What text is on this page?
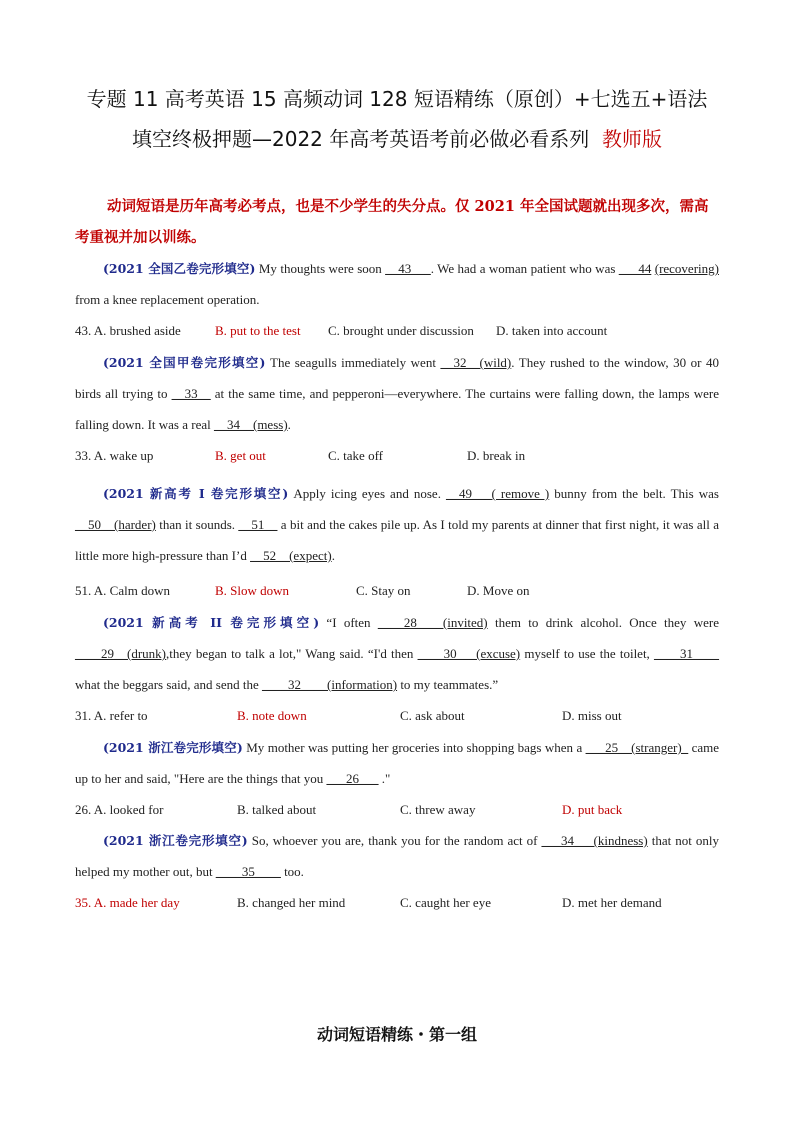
专题 11 高考英语 15 高频动词 128 短语精练（原创）+七选五+语法
填空终极押题—2022 年高考英语考前必做必看系列 教师版
动词短语是历年高考必考点，也是不少学生的失分点。仅 2021 年全国试题就出现多次，需高考重视并加以训练。
(2021 全国乙卷完形填空) My thoughts were soon __43___. We had a woman patient who was ___44 (recovering) from a knee replacement operation.
43. A. brushed aside	B. put to the test C. brought under discussion D. taken into account
(2021 全国甲卷完形填空) The seagulls immediately went __32__(wild). They rushed to the window, 30 or 40 birds all trying to __33__ at the same time, and pepperoni—everywhere. The curtains were falling down, the lamps were falling down. It was a real __34__(mess).
33. A. wake up	B. get out	C. take off	D. break in
(2021 新高考 I 卷完形填空) Apply icing eyes and nose. __49___( remove ) bunny from the belt. This was __50__(harder) than it sounds. __51__ a bit and the cakes pile up. As I told my parents at dinner that first night, it was all a little more high-pressure than I’d __52__(expect).
51. A. Calm down	B. Slow down	C. Stay on	D. Move on
(2021 新高考 II 卷完形填空) “I often ____28____(invited) them to drink alcohol. Once they were ____29__(drunk),they began to talk a lot," Wang said. “I'd then ____30___(excuse) myself to use the toilet, ____31____ what the beggars said, and send the ____32____(information) to my teammates.”
31. A. refer to	B. note down	C. ask about	D. miss out
(2021 浙江卷完形填空) My mother was putting her groceries into shopping bags when a ___25__(stranger)_ came up to her and said, "Here are the things that you ___26___ ."
26. A. looked for	B. talked about	C. threw away	D. put back
(2021 浙江卷完形填空) So, whoever you are, thank you for the random act of ___34___(kindness) that not only helped my mother out, but ____35____ too.
35. A. made her day	B. changed her mind	C. caught her eye	D. met her demand
动词短语精练・第一组
